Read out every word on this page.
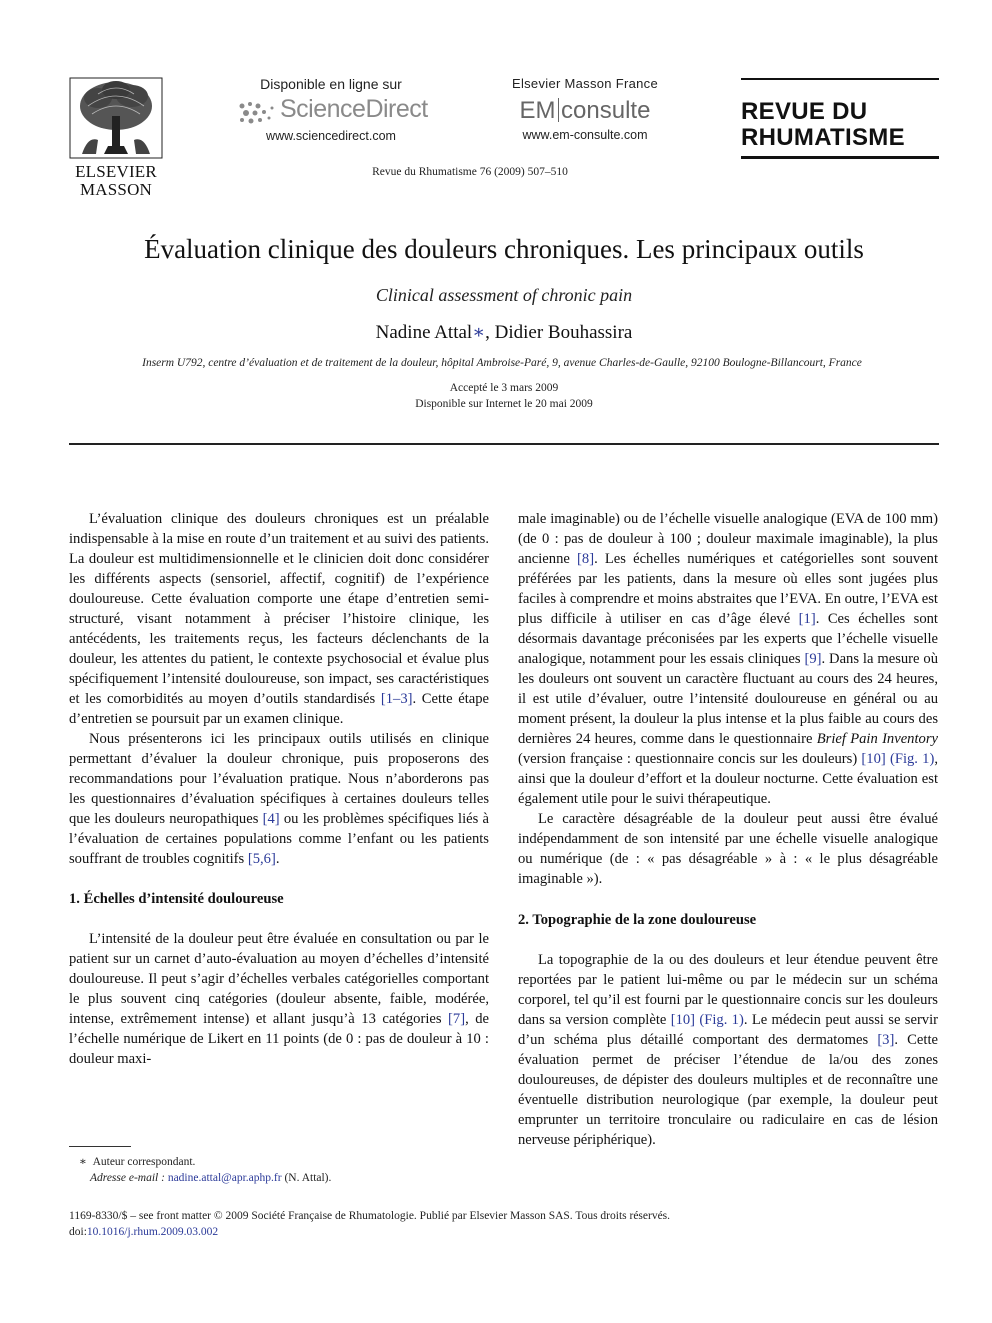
ELSEVIER
MASSON
Disponible en ligne sur
ScienceDirect
www.sciencedirect.com
Elsevier Masson France
EM consulte
www.em-consulte.com
REVUE DU
RHUMATISME
Revue du Rhumatisme 76 (2009) 507–510
Évaluation clinique des douleurs chroniques. Les principaux outils
Clinical assessment of chronic pain
Nadine Attal∗, Didier Bouhassira
Inserm U792, centre d’évaluation et de traitement de la douleur, hôpital Ambroise-Paré, 9, avenue Charles-de-Gaulle, 92100 Boulogne-Billancourt, France
Accepté le 3 mars 2009
Disponible sur Internet le 20 mai 2009

L’évaluation clinique des douleurs chroniques est un préalable indispensable à la mise en route d’un traitement et au suivi des patients. La douleur est multidimensionnelle et le clinicien doit donc considérer les différents aspects (sensoriel, affectif, cognitif) de l’expérience douloureuse. Cette évaluation comporte une étape d’entretien semi-structuré, visant notamment à préciser l’histoire clinique, les antécédents, les traitements reçus, les facteurs déclenchants de la douleur, les attentes du patient, le contexte psychosocial et évalue plus spécifiquement l’intensité douloureuse, son impact, ses caractéristiques et les comorbidités au moyen d’outils standardisés [1–3]. Cette étape d’entretien se poursuit par un examen clinique.

Nous présenterons ici les principaux outils utilisés en clinique permettant d’évaluer la douleur chronique, puis proposerons des recommandations pour l’évaluation pratique. Nous n’aborderons pas les questionnaires d’évaluation spécifiques à certaines douleurs telles que les douleurs neuropathiques [4] ou les problèmes spécifiques liés à l’évaluation de certaines populations comme l’enfant ou les patients souffrant de troubles cognitifs [5,6].

1. Échelles d’intensité douloureuse

L’intensité de la douleur peut être évaluée en consultation ou par le patient sur un carnet d’auto-évaluation au moyen d’échelles d’intensité douloureuse. Il peut s’agir d’échelles verbales catégorielles comportant le plus souvent cinq catégories (douleur absente, faible, modérée, intense, extrêmement intense) et allant jusqu’à 13 catégories [7], de l’échelle numérique de Likert en 11 points (de 0 : pas de douleur à 10 : douleur maxi-

male imaginable) ou de l’échelle visuelle analogique (EVA de 100 mm) (de 0 : pas de douleur à 100 ; douleur maximale imaginable), la plus ancienne [8]. Les échelles numériques et catégorielles sont souvent préférées par les patients, dans la mesure où elles sont jugées plus faciles à comprendre et moins abstraites que l’EVA. En outre, l’EVA est plus difficile à utiliser en cas d’âge élevé [1]. Ces échelles sont désormais davantage préconisées par les experts que l’échelle visuelle analogique, notamment pour les essais cliniques [9]. Dans la mesure où les douleurs ont souvent un caractère fluctuant au cours des 24 heures, il est utile d’évaluer, outre l’intensité douloureuse en général ou au moment présent, la douleur la plus intense et la plus faible au cours des dernières 24 heures, comme dans le questionnaire Brief Pain Inventory (version française : questionnaire concis sur les douleurs) [10] (Fig. 1), ainsi que la douleur d’effort et la douleur nocturne. Cette évaluation est également utile pour le suivi thérapeutique.

Le caractère désagréable de la douleur peut aussi être évalué indépendamment de son intensité par une échelle visuelle analogique ou numérique (de : « pas désagréable » à : « le plus désagréable imaginable »).

2. Topographie de la zone douloureuse

La topographie de la ou des douleurs et leur étendue peuvent être reportées par le patient lui-même ou par le médecin sur un schéma corporel, tel qu’il est fourni par le questionnaire concis sur les douleurs dans sa version complète [10] (Fig. 1). Le médecin peut aussi se servir d’un schéma plus détaillé comportant des dermatomes [3]. Cette évaluation permet de préciser l’étendue de la/ou des zones douloureuses, de dépister des douleurs multiples et de reconnaître une éventuelle distribution neurologique (par exemple, la douleur peut emprunter un territoire tronculaire ou radiculaire en cas de lésion nerveuse périphérique).

∗ Auteur correspondant.
Adresse e-mail : nadine.attal@apr.aphp.fr (N. Attal).
1169-8330/$ – see front matter © 2009 Société Française de Rhumatologie. Publié par Elsevier Masson SAS. Tous droits réservés.
doi:10.1016/j.rhum.2009.03.002
